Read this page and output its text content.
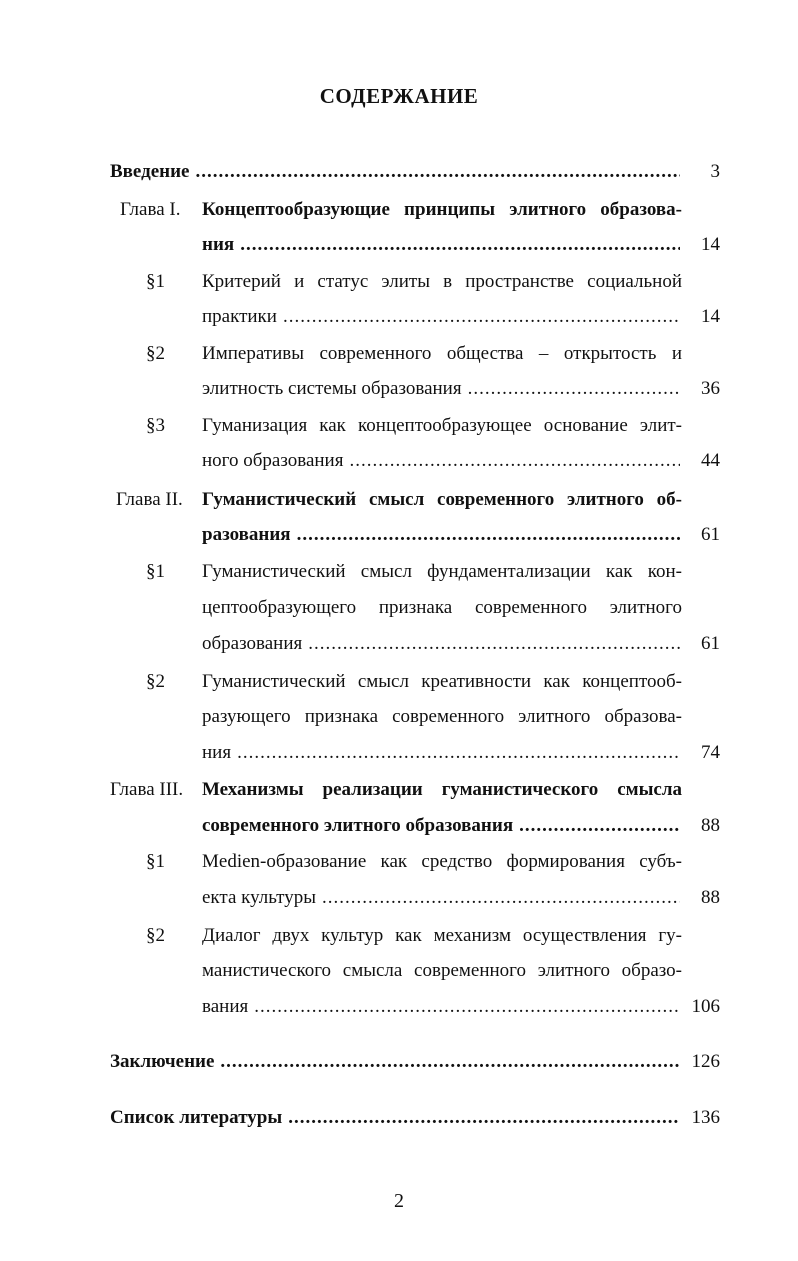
СОДЕРЖАНИЕ
Введение .....	3
Глава I. Концептообразующие принципы элитного образова-
ния .....	14
§1 Критерий и статус элиты в пространстве социальной
практики .....	14
§2 Императивы современного общества – открытость и
элитность системы образования .....	36
§3 Гуманизация как концептообразующее основание элит-
ного образования .....	44
Глава II. Гуманистический смысл современного элитного об-
разования .....	61
§1 Гуманистический смысл фундаментализации как кон-
цептообразующего признака современного элитного
образования .....	61
§2 Гуманистический смысл креативности как концептооб-
разующего признака современного элитного образова-
ния .....	74
Глава III. Механизмы реализации гуманистического смысла
современного элитного образования .....	88
§1 Medien-образование как средство формирования субъ-
екта культуры .....	88
§2 Диалог двух культур как механизм осуществления гу-
манистического смысла современного элитного образо-
вания .....	106
Заключение .....	126
Список литературы .....	136
2
